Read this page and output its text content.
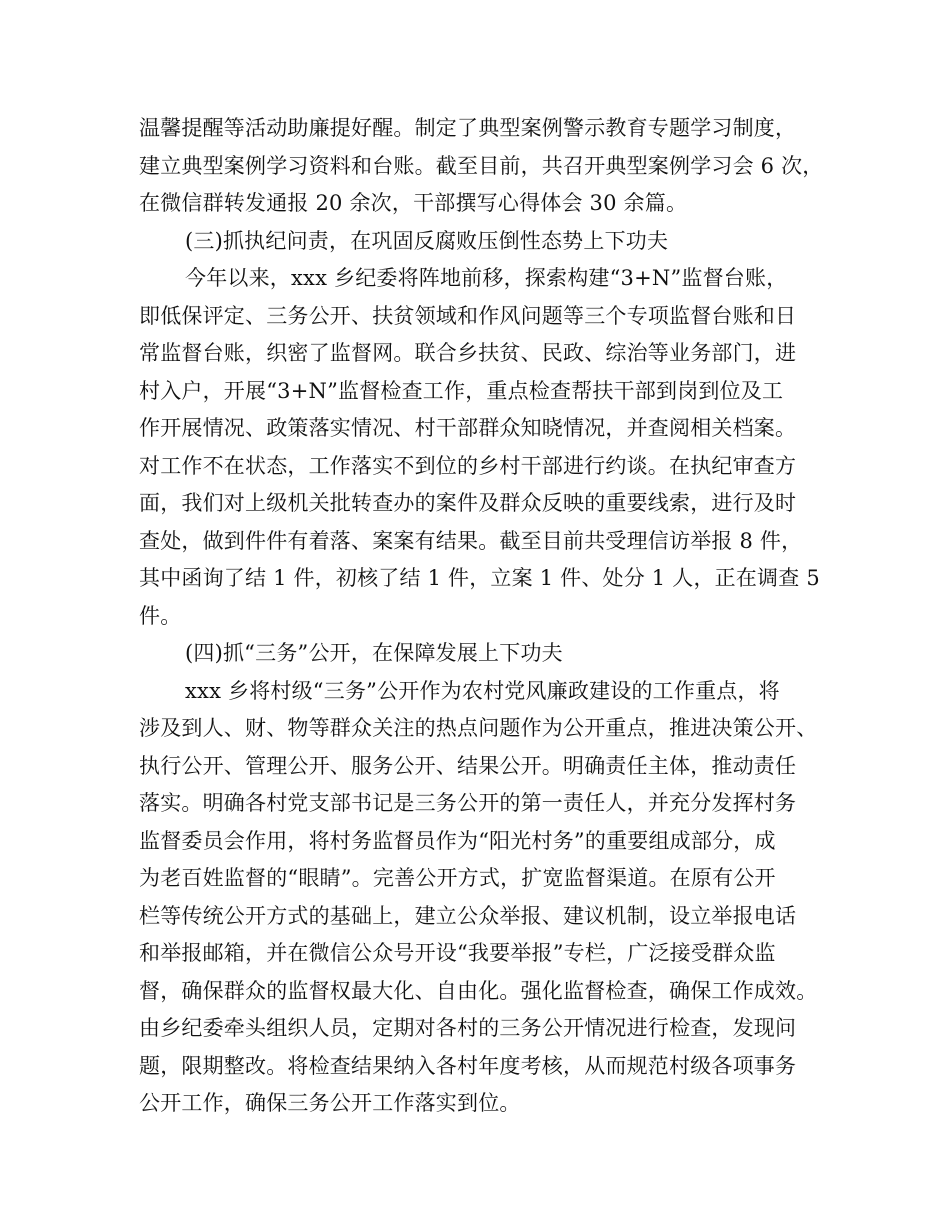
温馨提醒等活动助廉提好醒。制定了典型案例警示教育专题学习制度，
建立典型案例学习资料和台账。截至目前，共召开典型案例学习会 6 次，
在微信群转发通报 20 余次，干部撰写心得体会 30 余篇。
(三)抓执纪问责，在巩固反腐败压倒性态势上下功夫
今年以来，xxx 乡纪委将阵地前移，探索构建“3+N”监督台账，
即低保评定、三务公开、扶贫领域和作风问题等三个专项监督台账和日
常监督台账，织密了监督网。联合乡扶贫、民政、综治等业务部门，进
村入户，开展“3+N”监督检查工作，重点检查帮扶干部到岗到位及工
作开展情况、政策落实情况、村干部群众知晓情况，并查阅相关档案。
对工作不在状态，工作落实不到位的乡村干部进行约谈。在执纪审查方
面，我们对上级机关批转查办的案件及群众反映的重要线索，进行及时
查处，做到件件有着落、案案有结果。截至目前共受理信访举报 8 件，
其中函询了结 1 件，初核了结 1 件，立案 1 件、处分 1 人，正在调查 5
件。
(四)抓“三务”公开，在保障发展上下功夫
xxx 乡将村级“三务”公开作为农村党风廉政建设的工作重点，将
涉及到人、财、物等群众关注的热点问题作为公开重点，推进决策公开、
执行公开、管理公开、服务公开、结果公开。明确责任主体，推动责任
落实。明确各村党支部书记是三务公开的第一责任人，并充分发挥村务
监督委员会作用，将村务监督员作为“阳光村务”的重要组成部分，成
为老百姓监督的“眼睛”。完善公开方式，扩宽监督渠道。在原有公开
栏等传统公开方式的基础上，建立公众举报、建议机制，设立举报电话
和举报邮箱，并在微信公众号开设“我要举报”专栏，广泛接受群众监
督，确保群众的监督权最大化、自由化。强化监督检查，确保工作成效。
由乡纪委牵头组织人员，定期对各村的三务公开情况进行检查，发现问
题，限期整改。将检查结果纳入各村年度考核，从而规范村级各项事务
公开工作，确保三务公开工作落实到位。
